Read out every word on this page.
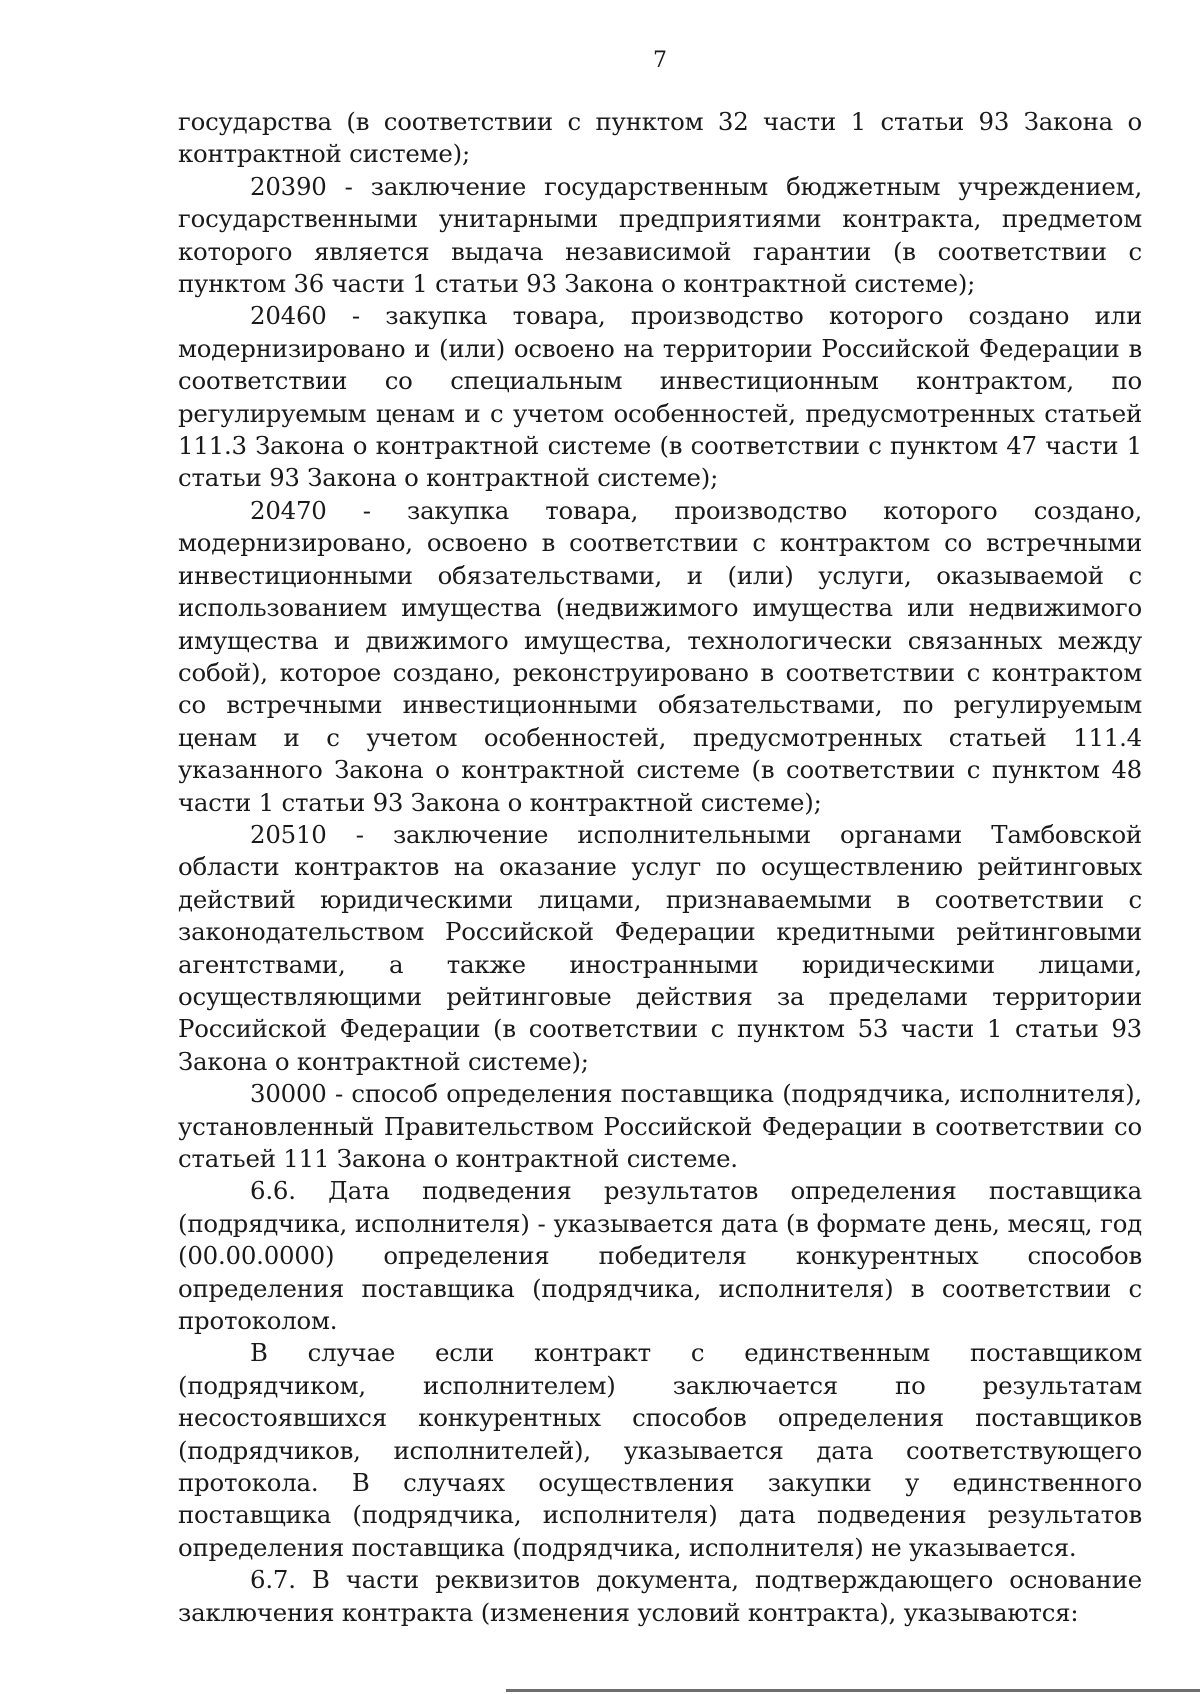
7

государства (в соответствии с пунктом 32 части 1 статьи 93 Закона о контрактной системе);

20390 - заключение государственным бюджетным учреждением, государственными унитарными предприятиями контракта, предметом которого является выдача независимой гарантии (в соответствии с пунктом 36 части 1 статьи 93 Закона о контрактной системе);

20460 - закупка товара, производство которого создано или модернизировано и (или) освоено на территории Российской Федерации в соответствии со специальным инвестиционным контрактом, по регулируемым ценам и с учетом особенностей, предусмотренных статьей 111.3 Закона о контрактной системе (в соответствии с пунктом 47 части 1 статьи 93 Закона о контрактной системе);

20470 - закупка товара, производство которого создано, модернизировано, освоено в соответствии с контрактом со встречными инвестиционными обязательствами, и (или) услуги, оказываемой с использованием имущества (недвижимого имущества или недвижимого имущества и движимого имущества, технологически связанных между собой), которое создано, реконструировано в соответствии с контрактом со встречными инвестиционными обязательствами, по регулируемым ценам и с учетом особенностей, предусмотренных статьей 111.4 указанного Закона о контрактной системе (в соответствии с пунктом 48 части 1 статьи 93 Закона о контрактной системе);

20510 - заключение исполнительными органами Тамбовской области контрактов на оказание услуг по осуществлению рейтинговых действий юридическими лицами, признаваемыми в соответствии с законодательством Российской Федерации кредитными рейтинговыми агентствами, а также иностранными юридическими лицами, осуществляющими рейтинговые действия за пределами территории Российской Федерации (в соответствии с пунктом 53 части 1 статьи 93 Закона о контрактной системе);

30000 - способ определения поставщика (подрядчика, исполнителя), установленный Правительством Российской Федерации в соответствии со статьей 111 Закона о контрактной системе.

6.6. Дата подведения результатов определения поставщика (подрядчика, исполнителя) - указывается дата (в формате день, месяц, год (00.00.0000) определения победителя конкурентных способов определения поставщика (подрядчика, исполнителя) в соответствии с протоколом.

В случае если контракт с единственным поставщиком (подрядчиком, исполнителем) заключается по результатам несостоявшихся конкурентных способов определения поставщиков (подрядчиков, исполнителей), указывается дата соответствующего протокола. В случаях осуществления закупки у единственного поставщика (подрядчика, исполнителя) дата подведения результатов определения поставщика (подрядчика, исполнителя) не указывается.

6.7. В части реквизитов документа, подтверждающего основание заключения контракта (изменения условий контракта), указываются:
